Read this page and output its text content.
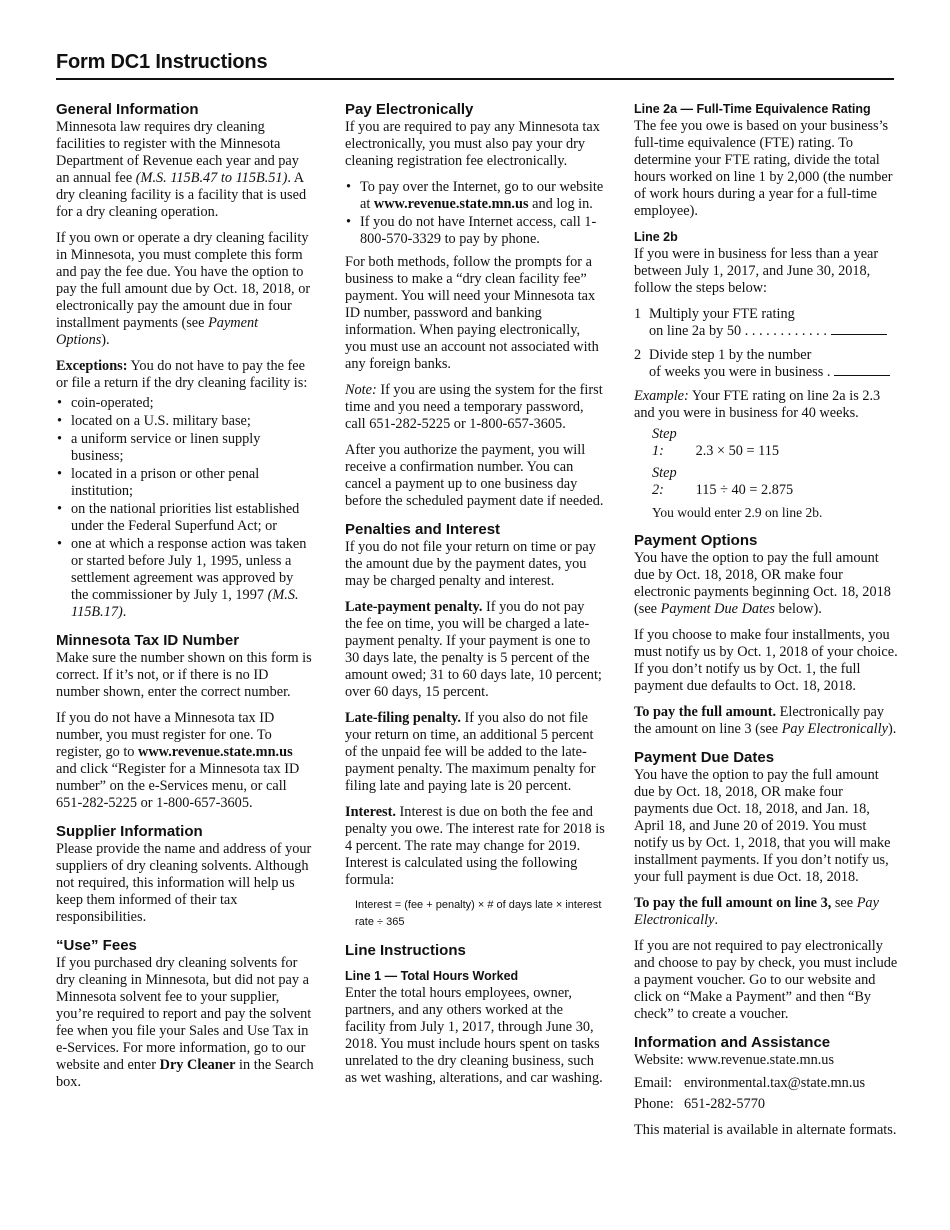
Form DC1 Instructions
General Information

Minnesota law requires dry cleaning facilities to register with the Minnesota Department of Revenue each year and pay an annual fee (M.S. 115B.47 to 115B.51). A dry cleaning facility is a facility that is used for a dry cleaning operation.

If you own or operate a dry cleaning facility in Minnesota, you must complete this form and pay the fee due. You have the option to pay the full amount due by Oct. 18, 2018, or electronically pay the amount due in four installment payments (see Payment Options).

Exceptions: You do not have to pay the fee or file a return if the dry cleaning facility is:

• coin-operated;
• located on a U.S. military base;
• a uniform service or linen supply business;
• located in a prison or other penal institution;
• on the national priorities list established under the Federal Superfund Act; or
• one at which a response action was taken or started before July 1, 1995, unless a settlement agreement was approved by the commissioner by July 1, 1997 (M.S. 115B.17).
Minnesota Tax ID Number

Make sure the number shown on this form is correct. If it’s not, or if there is no ID number shown, enter the correct number.

If you do not have a Minnesota tax ID number, you must register for one. To register, go to www.revenue.state.mn.us and click “Register for a Minnesota tax ID number” on the e-Services menu, or call 651-282-5225 or 1-800-657-3605.

Supplier Information

Please provide the name and address of your suppliers of dry cleaning solvents. Although not required, this information will help us keep them informed of their tax responsibilities.

“Use” Fees

If you purchased dry cleaning solvents for dry cleaning in Minnesota, but did not pay a Minnesota solvent fee to your supplier, you’re required to report and pay the solvent fee when you file your Sales and Use Tax in e-Services. For more information, go to our website and enter Dry Cleaner in the Search box.

Pay Electronically

If you are required to pay any Minnesota tax electronically, you must also pay your dry cleaning registration fee electronically.

• To pay over the Internet, go to our website at www.revenue.state.mn.us and log in.
• If you do not have Internet access, call 1-800-570-3329 to pay by phone.

For both methods, follow the prompts for a business to make a “dry clean facility fee” payment. You will need your Minnesota tax ID number, password and banking information. When paying electronically, you must use an account not associated with any foreign banks.

Note: If you are using the system for the first time and you need a temporary password, call 651-282-5225 or 1-800-657-3605.

After you authorize the payment, you will receive a confirmation number. You can cancel a payment up to one business day before the scheduled payment date if needed.

Penalties and Interest

If you do not file your return on time or pay the amount due by the payment dates, you may be charged penalty and interest.

Late-payment penalty. If you do not pay the fee on time, you will be charged a late-payment penalty. If your payment is one to 30 days late, the penalty is 5 percent of the amount owed; 31 to 60 days late, 10 percent; over 60 days, 15 percent.

Late-filing penalty. If you also do not file your return on time, an additional 5 percent of the unpaid fee will be added to the late-payment penalty. The maximum penalty for filing late and paying late is 20 percent.

Interest. Interest is due on both the fee and penalty you owe. The interest rate for 2018 is 4 percent. The rate may change for 2019. Interest is calculated using the following formula:

Interest = (fee + penalty) × # of days late × interest rate ÷ 365
Line Instructions
Line 1 — Total Hours Worked

Enter the total hours employees, owner, partners, and any others worked at the facility from July 1, 2017, through June 30, 2018. You must include hours spent on tasks unrelated to the dry cleaning business, such as wet washing, alterations, and car washing.

Line 2a — Full-Time Equivalence Rating

The fee you owe is based on your business’s full-time equivalence (FTE) rating. To determine your FTE rating, divide the total hours worked on line 1 by 2,000 (the number of work hours during a year for a full-time employee).

Line 2b

If you were in business for less than a year between July 1, 2017, and June 30, 2018, follow the steps below:

1 Multiply your FTE rating
on line 2a by 50 . . . . . . . . . . . .
2 Divide step 1 by the number
of weeks you were in business .

Example: Your FTE rating on line 2a is 2.3 and you were in business for 40 weeks.

Step 1: 2.3 × 50 = 115
Step 2: 115 ÷ 40 = 2.875
You would enter 2.9 on line 2b.
Payment Options

You have the option to pay the full amount due by Oct. 18, 2018, OR make four electronic payments beginning Oct. 18, 2018 (see Payment Due Dates below).

If you choose to make four installments, you must notify us by Oct. 1, 2018 of your choice. If you don’t notify us by Oct. 1, the full payment due defaults to Oct. 18, 2018.

To pay the full amount. Electronically pay the amount on line 3 (see Pay Electronically).

Payment Due Dates

You have the option to pay the full amount due by Oct. 18, 2018, OR make four payments due Oct. 18, 2018, and Jan. 18, April 18, and June 20 of 2019. You must notify us by Oct. 1, 2018, that you will make installment payments. If you don’t notify us, your full payment is due Oct. 18, 2018.

To pay the full amount on line 3, see Pay Electronically.

If you are not required to pay electronically and choose to pay by check, you must include a payment voucher. Go to our website and click on “Make a Payment” and then “By check” to create a voucher.

Information and Assistance
Website:
www.revenue.state.mn.us
Email: environmental.tax@state.mn.us
Phone: 651-282-5770

This material is available in alternate formats.
